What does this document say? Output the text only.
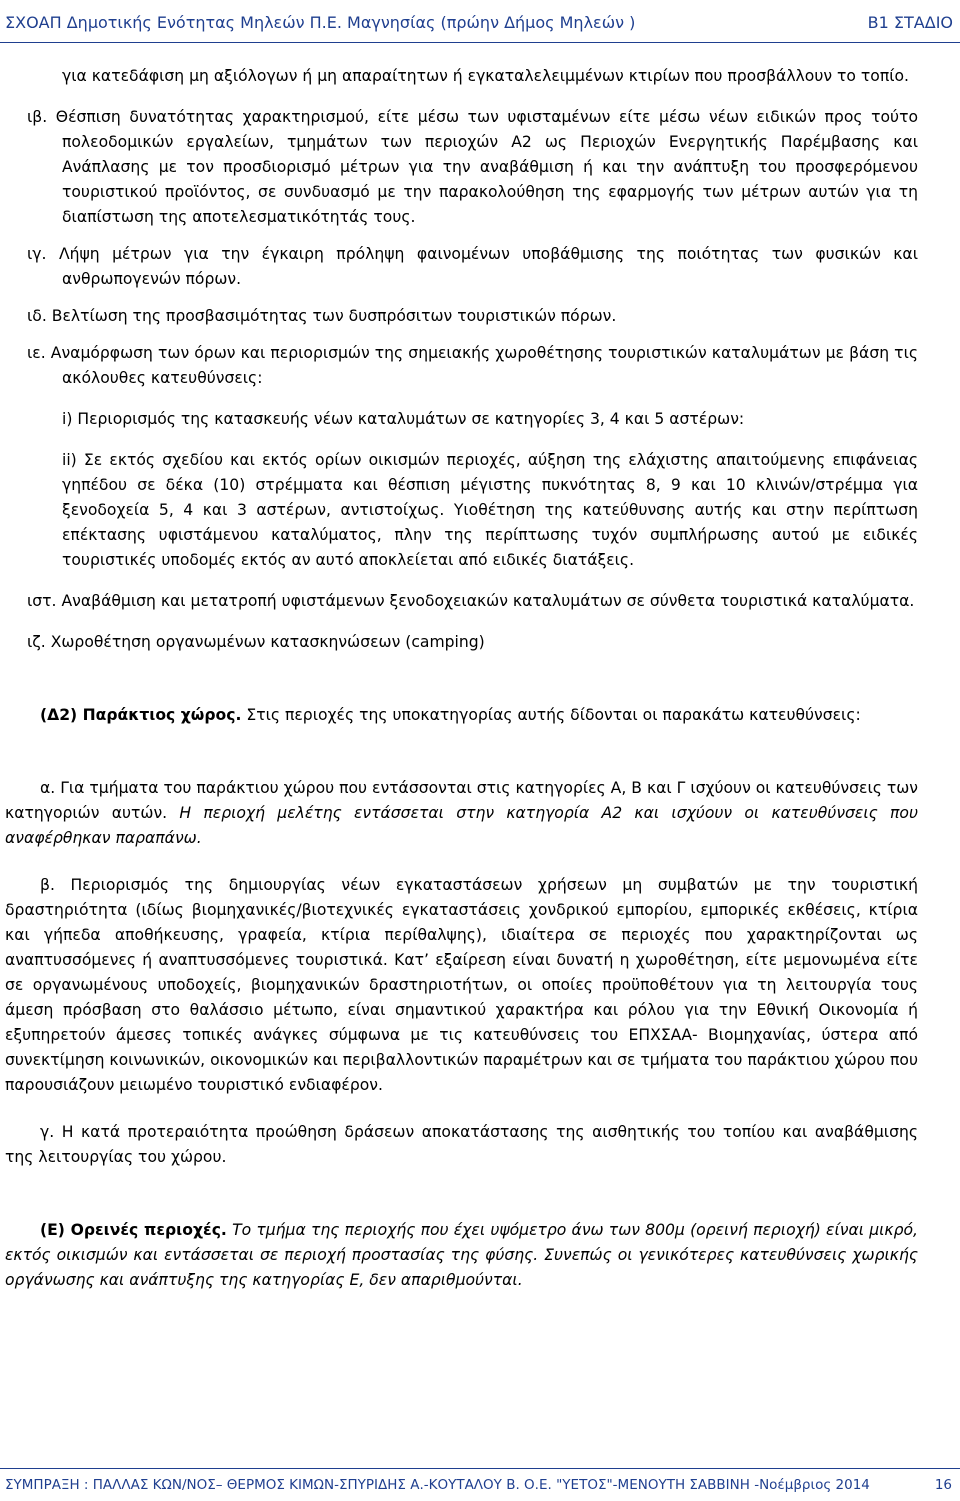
ΣΧΟΑΠ Δημοτικής Ενότητας Μηλεών Π.Ε. Μαγνησίας (πρώην Δήμος Μηλεών )	Β1 ΣΤΑΔΙΟ

για κατεδάφιση μη αξιόλογων ή μη απαραίτητων ή εγκαταλελειμμένων κτιρίων που προσβάλλουν το τοπίο.

ιβ. Θέσπιση δυνατότητας χαρακτηρισμού, είτε μέσω των υφισταμένων είτε μέσω νέων ειδικών προς τούτο πολεοδομικών εργαλείων, τμημάτων των περιοχών Α2 ως Περιοχών Ενεργητικής Παρέμβασης και Ανάπλασης με τον προσδιορισμό μέτρων για την αναβάθμιση ή και την ανάπτυξη του προσφερόμενου τουριστικού προϊόντος, σε συνδυασμό με την παρακολούθηση της εφαρμογής των μέτρων αυτών για τη διαπίστωση της αποτελεσματικότητάς τους.

ιγ. Λήψη μέτρων για την έγκαιρη πρόληψη φαινομένων υποβάθμισης της ποιότητας των φυσικών και ανθρωπογενών πόρων.

ιδ. Βελτίωση της προσβασιμότητας των δυσπρόσιτων τουριστικών πόρων.

ιε. Αναμόρφωση των όρων και περιορισμών της σημειακής χωροθέτησης τουριστικών καταλυμάτων με βάση τις ακόλουθες κατευθύνσεις:

i) Περιορισμός της κατασκευής νέων καταλυμάτων σε κατηγορίες 3, 4 και 5 αστέρων:

ii) Σε εκτός σχεδίου και εκτός ορίων οικισμών περιοχές, αύξηση της ελάχιστης απαιτούμενης επιφάνειας γηπέδου σε δέκα (10) στρέμματα και θέσπιση μέγιστης πυκνότητας 8, 9 και 10 κλινών/στρέμμα για ξενοδοχεία 5, 4 και 3 αστέρων, αντιστοίχως. Υιοθέτηση της κατεύθυνσης αυτής και στην περίπτωση επέκτασης υφιστάμενου καταλύματος, πλην της περίπτωσης τυχόν συμπλήρωσης αυτού με ειδικές τουριστικές υποδομές εκτός αν αυτό αποκλείεται από ειδικές διατάξεις.

ιστ. Αναβάθμιση και μετατροπή υφιστάμενων ξενοδοχειακών καταλυμάτων σε σύνθετα τουριστικά καταλύματα.

ιζ. Χωροθέτηση οργανωμένων κατασκηνώσεων (camping)

(Δ2) Παράκτιος χώρος. Στις περιοχές της υποκατηγορίας αυτής δίδονται οι παρακάτω κατευθύνσεις:

α. Για τμήματα του παράκτιου χώρου που εντάσσονται στις κατηγορίες Α, Β και Γ ισχύουν οι κατευθύνσεις των κατηγοριών αυτών. Η περιοχή μελέτης εντάσσεται στην κατηγορία Α2 και ισχύουν οι κατευθύνσεις που αναφέρθηκαν παραπάνω.

β. Περιορισμός της δημιουργίας νέων εγκαταστάσεων χρήσεων μη συμβατών με την τουριστική δραστηριότητα (ιδίως βιομηχανικές/βιοτεχνικές εγκαταστάσεις χονδρικού εμπορίου, εμπορικές εκθέσεις, κτίρια και γήπεδα αποθήκευσης, γραφεία, κτίρια περίθαλψης), ιδιαίτερα σε περιοχές που χαρακτηρίζονται ως αναπτυσσόμενες ή αναπτυσσόμενες τουριστικά. Κατ’ εξαίρεση είναι δυνατή η χωροθέτηση, είτε μεμονωμένα είτε σε οργανωμένους υποδοχείς, βιομηχανικών δραστηριοτήτων, οι οποίες προϋποθέτουν για τη λειτουργία τους άμεση πρόσβαση στο θαλάσσιο μέτωπο, είναι σημαντικού χαρακτήρα και ρόλου για την Εθνική Οικονομία ή εξυπηρετούν άμεσες τοπικές ανάγκες σύμφωνα με τις κατευθύνσεις του ΕΠΧΣΑΑ- Βιομηχανίας, ύστερα από συνεκτίμηση κοινωνικών, οικονομικών και περιβαλλοντικών παραμέτρων και σε τμήματα του παράκτιου χώρου που παρουσιάζουν μειωμένο τουριστικό ενδιαφέρον.

γ. Η κατά προτεραιότητα προώθηση δράσεων αποκατάστασης της αισθητικής του τοπίου και αναβάθμισης της λειτουργίας του χώρου.

(Ε) Ορεινές περιοχές. Το τμήμα της περιοχής που έχει υψόμετρο άνω των 800μ (ορεινή περιοχή) είναι μικρό, εκτός οικισμών και εντάσσεται σε περιοχή προστασίας της φύσης. Συνεπώς οι γενικότερες κατευθύνσεις χωρικής οργάνωσης και ανάπτυξης της κατηγορίας Ε, δεν απαριθμούνται.

ΣΥΜΠΡΑΞΗ : ΠΑΛΛΑΣ ΚΩΝ/ΝΟΣ– ΘΕΡΜΟΣ ΚΙΜΩΝ-ΣΠΥΡΙΔΗΣ Α.-ΚΟΥΤΑΛΟΥ Β. Ο.Ε. "ΥΕΤΟΣ"-ΜΕΝΟΥΤΗ ΣΑΒΒΙΝΗ -Νοέμβριος 2014	16
